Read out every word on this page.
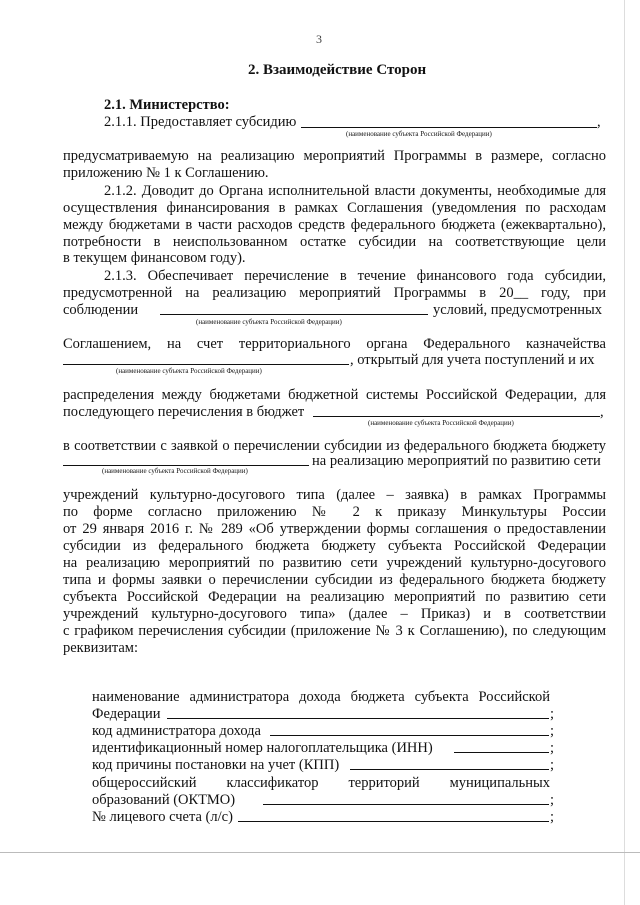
3
2. Взаимодействие Сторон
2.1. Министерство:
2.1.1. Предоставляет субсидию	,
(наименование субъекта Российской Федерации)
предусматриваемую на реализацию мероприятий Программы в размере, согласно
приложению № 1 к Соглашению.
2.1.2. Доводит до Органа исполнительной власти документы, необходимые для
осуществления финансирования в рамках Соглашения (уведомления по расходам
между бюджетами в части расходов средств федерального бюджета (ежеквартально),
потребности в неиспользованном остатке субсидии на соответствующие цели
в текущем финансовом году).
2.1.3. Обеспечивает перечисление в течение финансового года субсидии,
предусмотренной на реализацию мероприятий Программы в 20__ году, при
соблюдении	условий, предусмотренных
(наименование субъекта Российской Федерации)
Соглашением, на счет территориального органа Федерального казначейства
, открытый для учета поступлений и их
(наименование субъекта Российской Федерации)
распределения между бюджетами бюджетной системы Российской Федерации, для
последующего перечисления в бюджет	,
(наименование субъекта Российской Федерации)
в соответствии с заявкой о перечислении субсидии из федерального бюджета бюджету
на реализацию мероприятий по развитию сети
(наименование субъекта Российской Федерации)
учреждений культурно-досугового типа (далее – заявка) в рамках Программы
по форме согласно приложению № 2 к приказу Минкультуры России
от 29 января 2016 г. № 289 «Об утверждении формы соглашения о предоставлении
субсидии из федерального бюджета бюджету субъекта Российской Федерации
на реализацию мероприятий по развитию сети учреждений культурно-досугового
типа и формы заявки о перечислении субсидии из федерального бюджета бюджету
субъекта Российской Федерации на реализацию мероприятий по развитию сети
учреждений культурно-досугового типа» (далее – Приказ) и в соответствии
с графиком перечисления субсидии (приложение № 3 к Соглашению), по следующим
реквизитам:
наименование администратора дохода бюджета субъекта Российской
Федерации	;
код администратора дохода	;
идентификационный номер налогоплательщика (ИНН)	;
код причины постановки на учет (КПП)	;
общероссийский классификатор территорий муниципальных
образований (ОКТМО)	;
№ лицевого счета (л/с)	;
